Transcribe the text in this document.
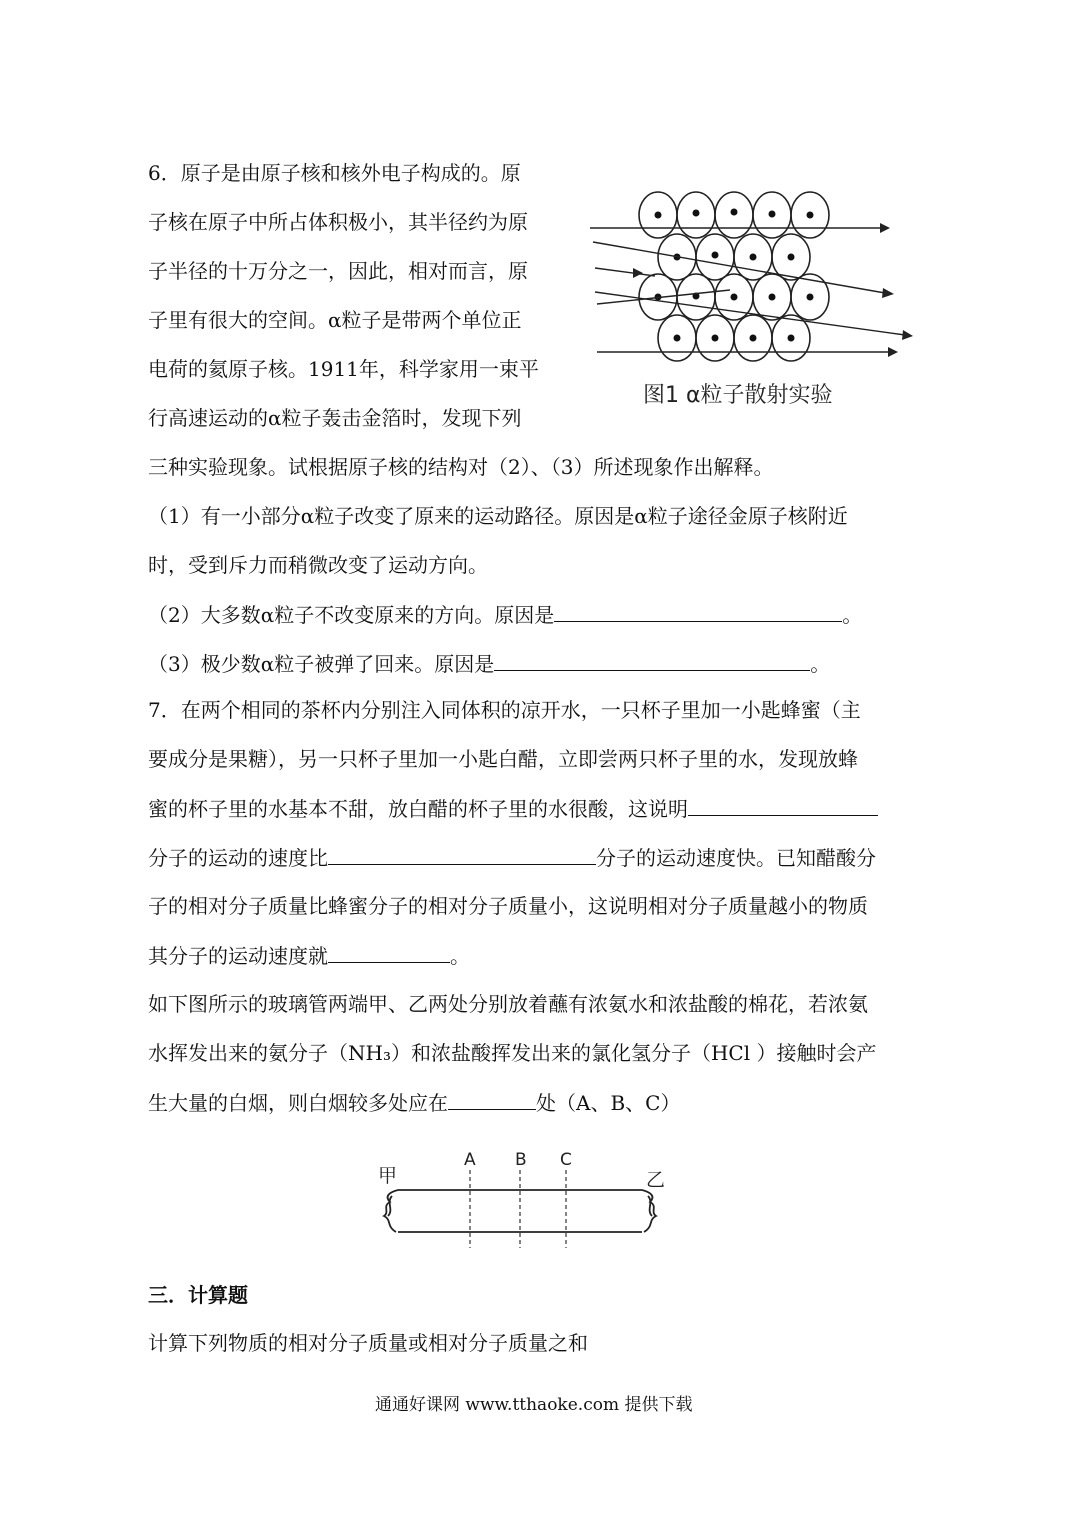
6．原子是由原子核和核外电子构成的。原
子核在原子中所占体积极小，其半径约为原
子半径的十万分之一，因此，相对而言，原
子里有很大的空间。α粒子是带两个单位正
电荷的氦原子核。1911年，科学家用一束平
行高速运动的α粒子轰击金箔时，发现下列
三种实验现象。试根据原子核的结构对（2）、（3）所述现象作出解释。
图1 α粒子散射实验
（1）有一小部分α粒子改变了原来的运动路径。原因是α粒子途径金原子核附近
时，受到斥力而稍微改变了运动方向。
（2）大多数α粒子不改变原来的方向。原因是	。
（3）极少数α粒子被弹了回来。原因是	。
7．在两个相同的茶杯内分别注入同体积的凉开水，一只杯子里加一小匙蜂蜜（主
要成分是果糖），另一只杯子里加一小匙白醋，立即尝两只杯子里的水，发现放蜂
蜜的杯子里的水基本不甜，放白醋的杯子里的水很酸，这说明
分子的运动的速度比	分子的运动速度快。已知醋酸分
子的相对分子质量比蜂蜜分子的相对分子质量小，这说明相对分子质量越小的物质
其分子的运动速度就	。
如下图所示的玻璃管两端甲、乙两处分别放着蘸有浓氨水和浓盐酸的棉花，若浓氨
水挥发出来的氨分子（NH₃）和浓盐酸挥发出来的氯化氢分子（HCl ）接触时会产
生大量的白烟，则白烟较多处应在	处（A、B、C）
甲	乙
A B C
三．计算题
计算下列物质的相对分子质量或相对分子质量之和
通通好课网 www.tthaoke.com 提供下载
